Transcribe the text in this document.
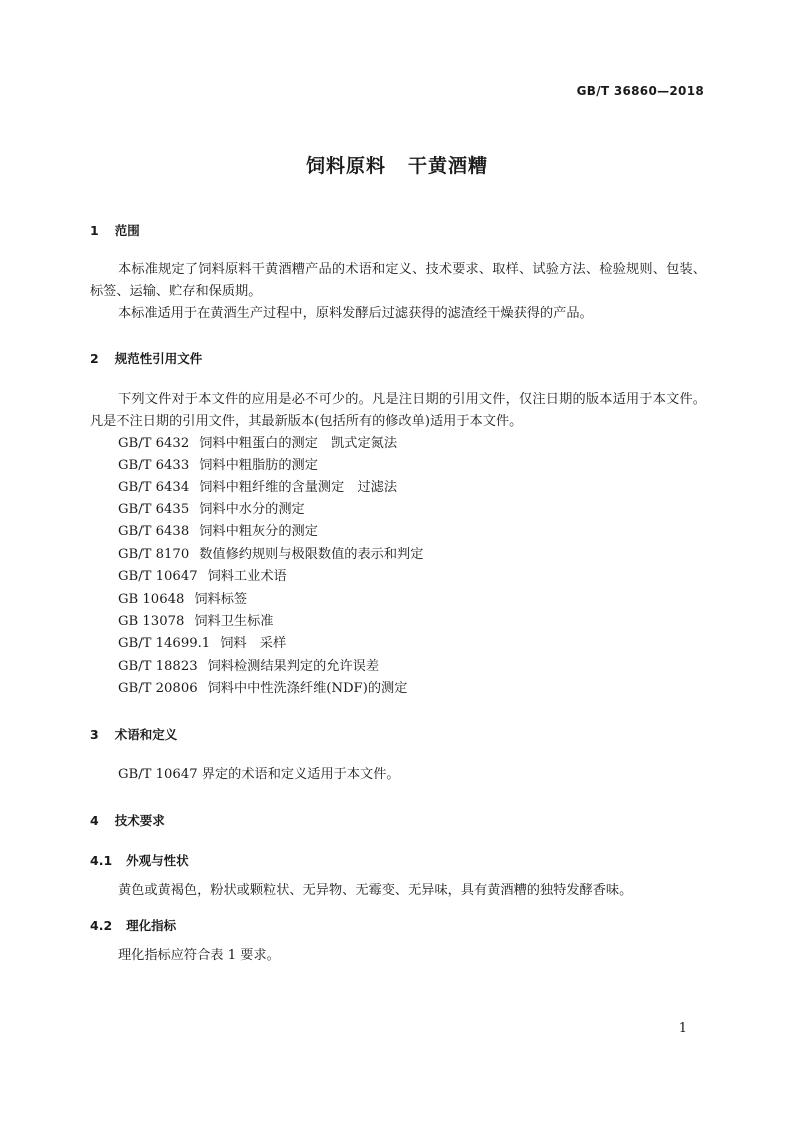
GB/T 36860—2018
饲料原料 干黄酒糟
1 范围

本标准规定了饲料原料干黄酒糟产品的术语和定义、技术要求、取样、试验方法、检验规则、包装、标签、运输、贮存和保质期。

本标准适用于在黄酒生产过程中，原料发酵后过滤获得的滤渣经干燥获得的产品。

2 规范性引用文件

下列文件对于本文件的应用是必不可少的。凡是注日期的引用文件，仅注日期的版本适用于本文件。凡是不注日期的引用文件，其最新版本(包括所有的修改单)适用于本文件。

GB/T 6432 饲料中粗蛋白的测定　凯式定氮法
GB/T 6433 饲料中粗脂肪的测定
GB/T 6434 饲料中粗纤维的含量测定　过滤法
GB/T 6435 饲料中水分的测定
GB/T 6438 饲料中粗灰分的测定
GB/T 8170 数值修约规则与极限数值的表示和判定
GB/T 10647 饲料工业术语
GB 10648 饲料标签
GB 13078 饲料卫生标准
GB/T 14699.1 饲料　采样
GB/T 18823 饲料检测结果判定的允许误差
GB/T 20806 饲料中中性洗涤纤维(NDF)的测定
3 术语和定义
GB/T 10647 界定的术语和定义适用于本文件。
4 技术要求
4.1 外观与性状
黄色或黄褐色，粉状或颗粒状、无异物、无霉变、无异味，具有黄酒糟的独特发酵香味。
4.2 理化指标
理化指标应符合表 1 要求。
1
